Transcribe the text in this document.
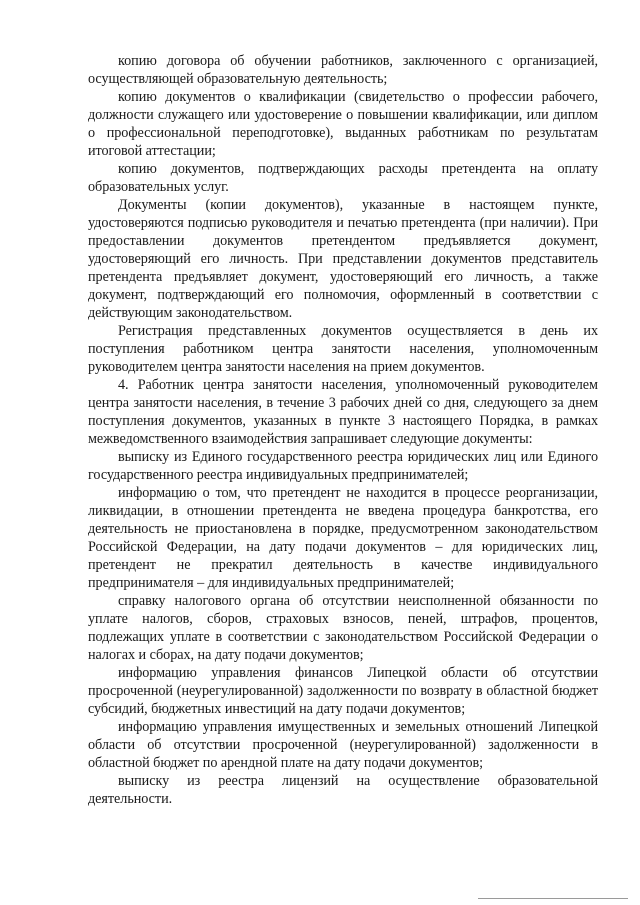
копию договора об обучении работников, заключенного с организацией, осуществляющей образовательную деятельность;

копию документов о квалификации (свидетельство о профессии рабочего, должности служащего или удостоверение о повышении квалификации, или диплом о профессиональной переподготовке), выданных работникам по результатам итоговой аттестации;

копию документов, подтверждающих расходы претендента на оплату образовательных услуг.

Документы (копии документов), указанные в настоящем пункте, удостоверяются подписью руководителя и печатью претендента (при наличии). При предоставлении документов претендентом предъявляется документ, удостоверяющий его личность. При представлении документов представитель претендента предъявляет документ, удостоверяющий его личность, а также документ, подтверждающий его полномочия, оформленный в соответствии с действующим законодательством.

Регистрация представленных документов осуществляется в день их поступления работником центра занятости населения, уполномоченным руководителем центра занятости населения на прием документов.

4. Работник центра занятости населения, уполномоченный руководителем центра занятости населения, в течение 3 рабочих дней со дня, следующего за днем поступления документов, указанных в пункте 3 настоящего Порядка, в рамках межведомственного взаимодействия запрашивает следующие документы:

выписку из Единого государственного реестра юридических лиц или Единого государственного реестра индивидуальных предпринимателей;

информацию о том, что претендент не находится в процессе реорганизации, ликвидации, в отношении претендента не введена процедура банкротства, его деятельность не приостановлена в порядке, предусмотренном законодательством Российской Федерации, на дату подачи документов – для юридических лиц, претендент не прекратил деятельность в качестве индивидуального предпринимателя – для индивидуальных предпринимателей;

справку налогового органа об отсутствии неисполненной обязанности по уплате налогов, сборов, страховых взносов, пеней, штрафов, процентов, подлежащих уплате в соответствии с законодательством Российской Федерации о налогах и сборах, на дату подачи документов;

информацию управления финансов Липецкой области об отсутствии просроченной (неурегулированной) задолженности по возврату в областной бюджет субсидий, бюджетных инвестиций на дату подачи документов;

информацию управления имущественных и земельных отношений Липецкой области об отсутствии просроченной (неурегулированной) задолженности в областной бюджет по арендной плате на дату подачи документов;

выписку из реестра лицензий на осуществление образовательной деятельности.
